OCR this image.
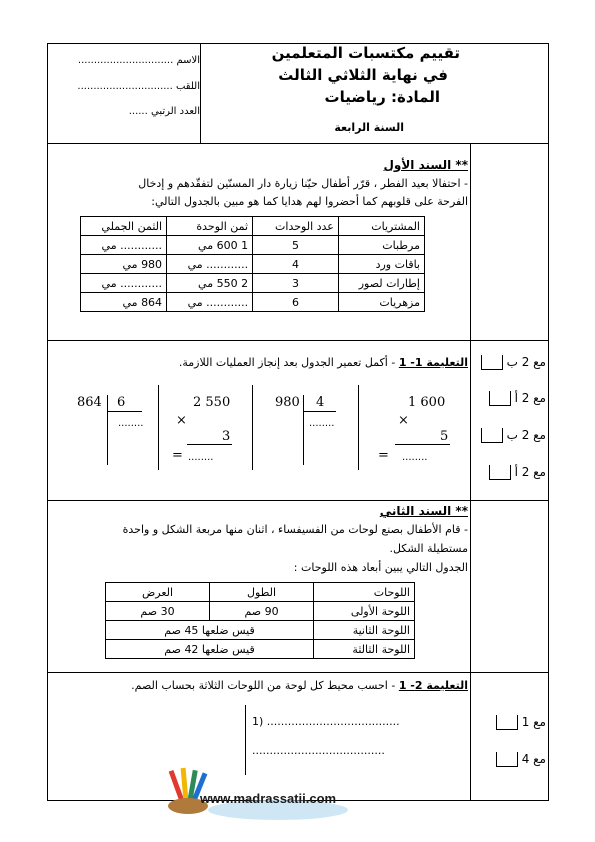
تقييم مكتسبات المتعلمين
في نهاية الثلاثي الثالث
المادة: رياضيات
السنة الرابعة
الاسم ..............................
اللقب ..............................
العدد الرتبي ......
** السند الأول
- احتفالا بعيد الفطر ، قرّر أطفال حيّنا زيارة دار المسنّين لتفقّدهم و إدخال
الفرحة على قلوبهم كما أحضروا لهم هدايا كما هو مبين بالجدول التالي:
المشتريات	عدد الوحدات	ثمن الوحدة	الثمن الجملي
مرطبات	5	1 600 مي	............ مي
باقات ورد	4	............ مي	980 مي
إطارات لصور	3	2 550 مي	............ مي
مزهريات	6	............ مي	864 مي
التعليمة 1- 1 - أكمل تعمير الجدول بعد إنجاز العمليات اللازمة.
1 600
×
5
= ........
980 4
........
2 550
×
3
= ........
864 6
........
مع 2 ب
مع 2 أ
مع 2 ب
مع 2 أ
** السند الثاني
- قام الأطفال بصنع لوحات من الفسيفساء ، اثنان منها مربعة الشكل و واحدة
مستطيلة الشكل.
الجدول التالي يبين أبعاد هذه اللوحات :
اللوحات	الطول	العرض
اللوحة الأولى	90 صم	30 صم
اللوحة الثانية	قيس ضلعها 45 صم	
اللوحة الثالثة	قيس ضلعها 42 صم	
التعليمة 2- 1 - احسب محيط كل لوحة من اللوحات الثلاثة بحساب الصم.
1) ......................................
......................................
مع 1
مع 4
www.madrassatii.com
